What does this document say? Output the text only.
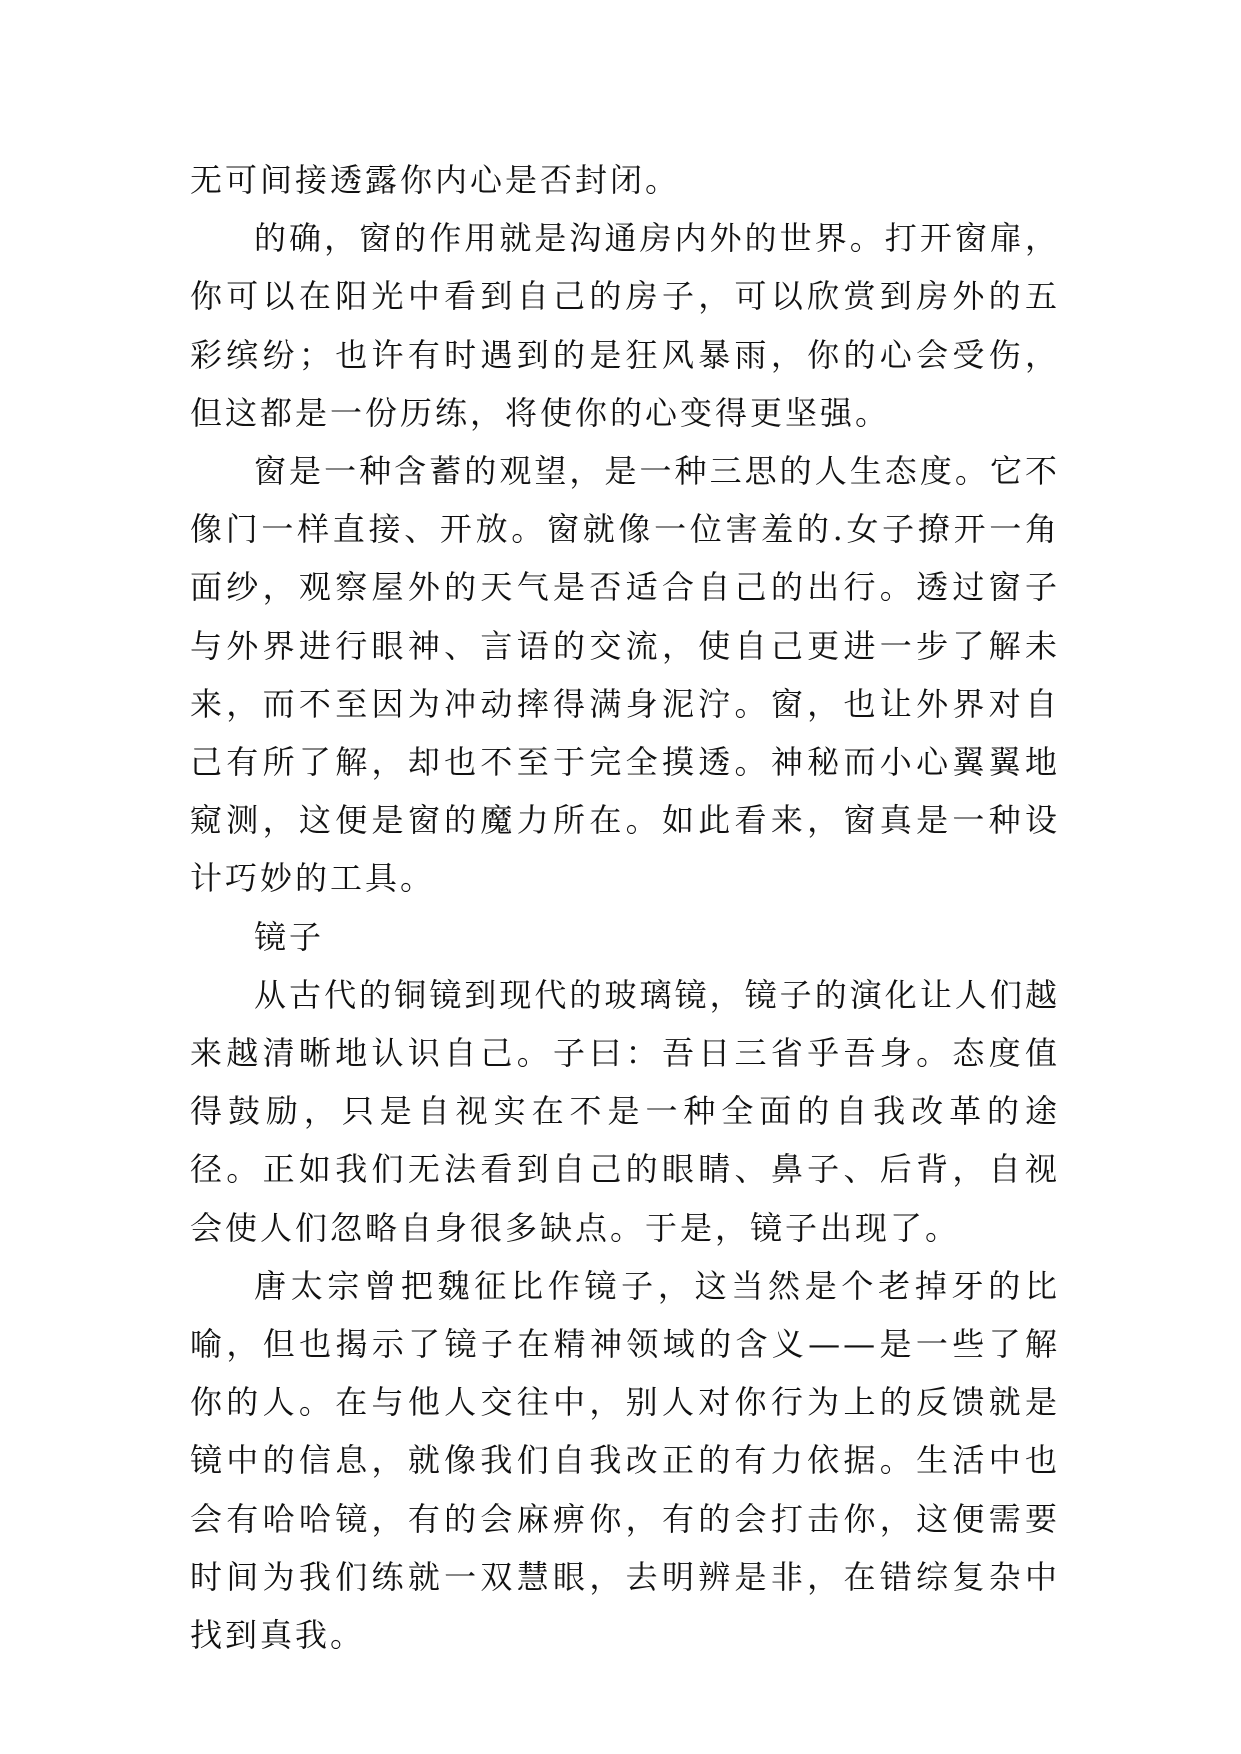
无可间接透露你内心是否封闭。

的确，窗的作用就是沟通房内外的世界。打开窗扉，你可以在阳光中看到自己的房子，可以欣赏到房外的五彩缤纷；也许有时遇到的是狂风暴雨，你的心会受伤，但这都是一份历练，将使你的心变得更坚强。

窗是一种含蓄的观望，是一种三思的人生态度。它不像门一样直接、开放。窗就像一位害羞的.女子撩开一角面纱，观察屋外的天气是否适合自己的出行。透过窗子与外界进行眼神、言语的交流，使自己更进一步了解未来，而不至因为冲动摔得满身泥泞。窗，也让外界对自己有所了解，却也不至于完全摸透。神秘而小心翼翼地窥测，这便是窗的魔力所在。如此看来，窗真是一种设计巧妙的工具。

镜子

从古代的铜镜到现代的玻璃镜，镜子的演化让人们越来越清晰地认识自己。子曰：吾日三省乎吾身。态度值得鼓励，只是自视实在不是一种全面的自我改革的途径。正如我们无法看到自己的眼睛、鼻子、后背，自视会使人们忽略自身很多缺点。于是，镜子出现了。

唐太宗曾把魏征比作镜子，这当然是个老掉牙的比喻，但也揭示了镜子在精神领域的含义——是一些了解你的人。在与他人交往中，别人对你行为上的反馈就是镜中的信息，就像我们自我改正的有力依据。生活中也会有哈哈镜，有的会麻痹你，有的会打击你，这便需要时间为我们练就一双慧眼，去明辨是非，在错综复杂中找到真我。
